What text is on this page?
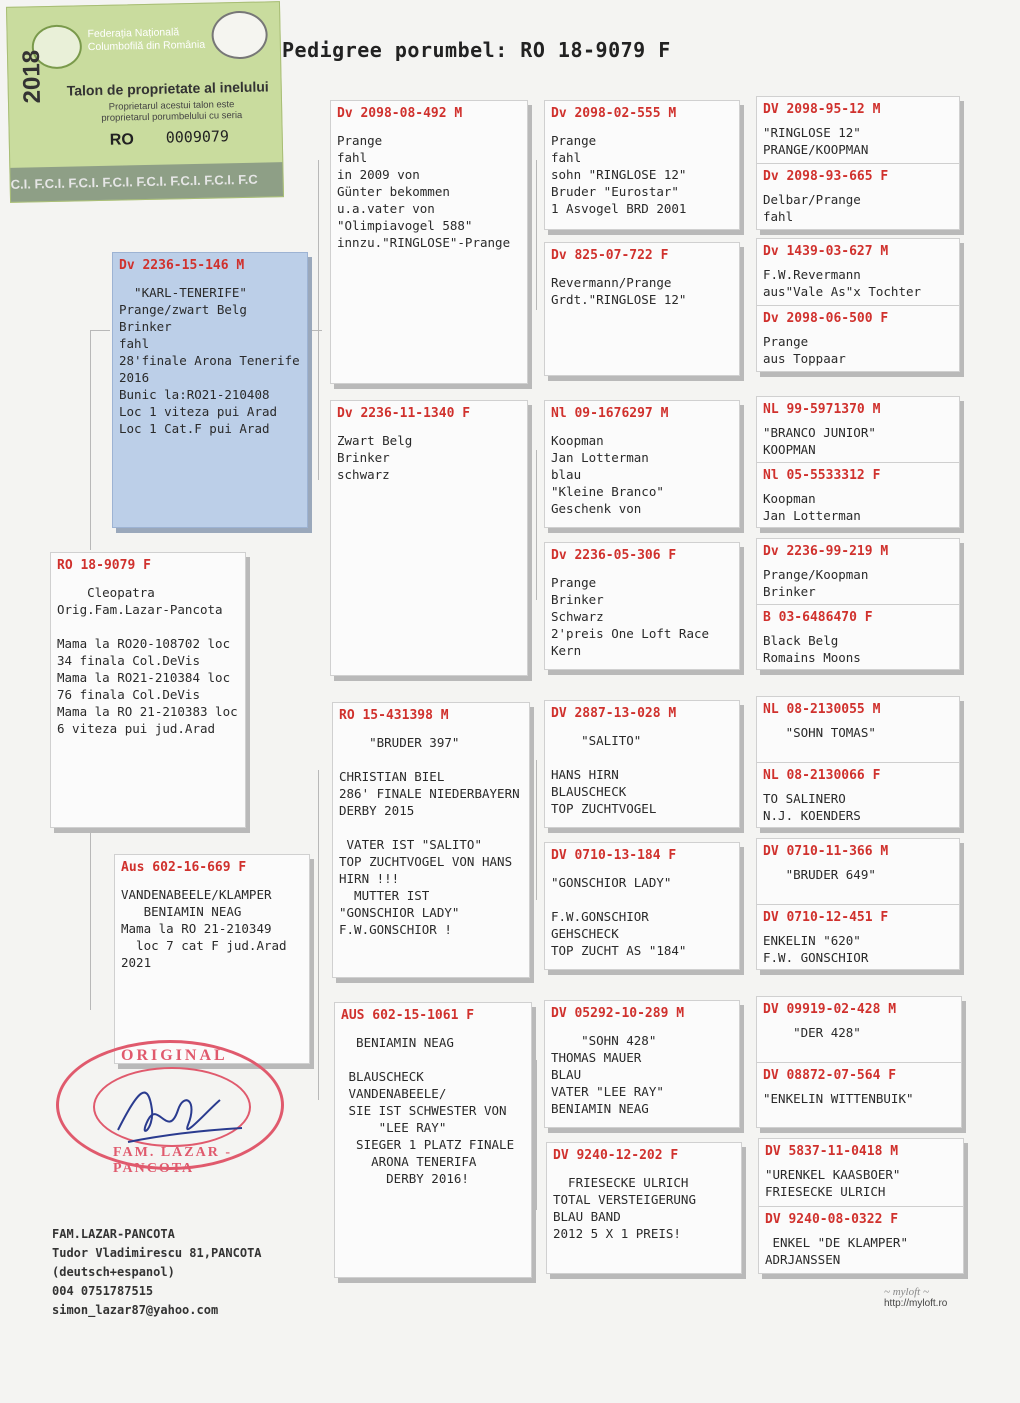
Federația Națională
Columbofilă din România
Talon de proprietate al inelului
Proprietarul acestui talon este
proprietarul porumbelului cu seria
2018
RO 0009079
C.I. F.C.I. F.C.I. F.C.I. F.C.I. F.C.I. F.C.I. F.C
Pedigree porumbel: RO 18-9079 F
RO 18-9079 F
Cleopatra
Orig.Fam.Lazar-Pancota

Mama la RO20-108702 loc
34 finala Col.DeVis
Mama la RO21-210384 loc
76 finala Col.DeVis
Mama la RO 21-210383 loc
6 viteza pui jud.Arad
Dv 2236-15-146 M
"KARL-TENERIFE"
Prange/zwart Belg
Brinker
fahl
28'finale Arona Tenerife
2016
Bunic la:RO21-210408
Loc 1 viteza pui Arad
Loc 1 Cat.F pui Arad
Aus 602-16-669 F
VANDENABEELE/KLAMPER
BENIAMIN NEAG
Mama la RO 21-210349
loc 7 cat F jud.Arad
2021
Dv 2098-08-492 M
Prange
fahl
in 2009 von
Günter bekommen
u.a.vater von
"Olimpiavogel 588"
innzu."RINGLOSE"-Prange
Dv 2236-11-1340 F
Zwart Belg
Brinker
schwarz
RO 15-431398 M
"BRUDER 397"

CHRISTIAN BIEL
286' FINALE NIEDERBAYERN
DERBY 2015

VATER IST "SALITO"
TOP ZUCHTVOGEL VON HANS
HIRN !!!
MUTTER IST
"GONSCHIOR LADY"
F.W.GONSCHIOR !
AUS 602-15-1061 F
BENIAMIN NEAG

BLAUSCHECK
VANDENABEELE/
SIE IST SCHWESTER VON
"LEE RAY"
SIEGER 1 PLATZ FINALE
ARONA TENERIFA
DERBY 2016!
Dv 2098-02-555 M
Prange
fahl
sohn "RINGLOSE 12"
Bruder "Eurostar"
1 Asvogel BRD 2001
Dv 825-07-722 F
Revermann/Prange
Grdt."RINGLOSE 12"
Nl 09-1676297 M
Koopman
Jan Lotterman
blau
"Kleine Branco"
Geschenk von
Dv 2236-05-306 F
Prange
Brinker
Schwarz
2'preis One Loft Race
Kern
DV 2887-13-028 M
"SALITO"

HANS HIRN
BLAUSCHECK
TOP ZUCHTVOGEL
DV 0710-13-184 F
"GONSCHIOR LADY"

F.W.GONSCHIOR
GEHSCHECK
TOP ZUCHT AS "184"
DV 05292-10-289 M
"SOHN 428"
THOMAS MAUER
BLAU
VATER "LEE RAY"
BENIAMIN NEAG
DV 9240-12-202 F
FRIESECKE ULRICH
TOTAL VERSTEIGERUNG
BLAU BAND
2012 5 X 1 PREIS!
DV 2098-95-12 M
"RINGLOSE 12"
PRANGE/KOOPMAN
Dv 2098-93-665 F
Delbar/Prange
fahl
Dv 1439-03-627 M
F.W.Revermann
aus"Vale As"x Tochter
Dv 2098-06-500 F
Prange
aus Toppaar
NL 99-5971370 M
"BRANCO JUNIOR"
KOOPMAN
Nl 05-5533312 F
Koopman
Jan Lotterman
Dv 2236-99-219 M
Prange/Koopman
Brinker
B 03-6486470 F
Black Belg
Romains Moons
NL 08-2130055 M
"SOHN TOMAS"
NL 08-2130066 F
TO SALINERO
N.J. KOENDERS
DV 0710-11-366 M
"BRUDER 649"
DV 0710-12-451 F
ENKELIN "620"
F.W. GONSCHIOR
DV 09919-02-428 M
"DER 428"
DV 08872-07-564 F
"ENKELIN WITTENBUIK"
DV 5837-11-0418 M
"URENKEL KAASBOER"
FRIESECKE ULRICH
DV 9240-08-0322 F
ENKEL "DE KLAMPER"
ADRJANSSEN
ORIGINAL
FAM. LAZAR - PANCOTA
FAM.LAZAR-PANCOTA
Tudor Vladimirescu 81,PANCOTA
(deutsch+espanol)
004 0751787515
simon_lazar87@yahoo.com
~ myloft ~
http://myloft.ro
